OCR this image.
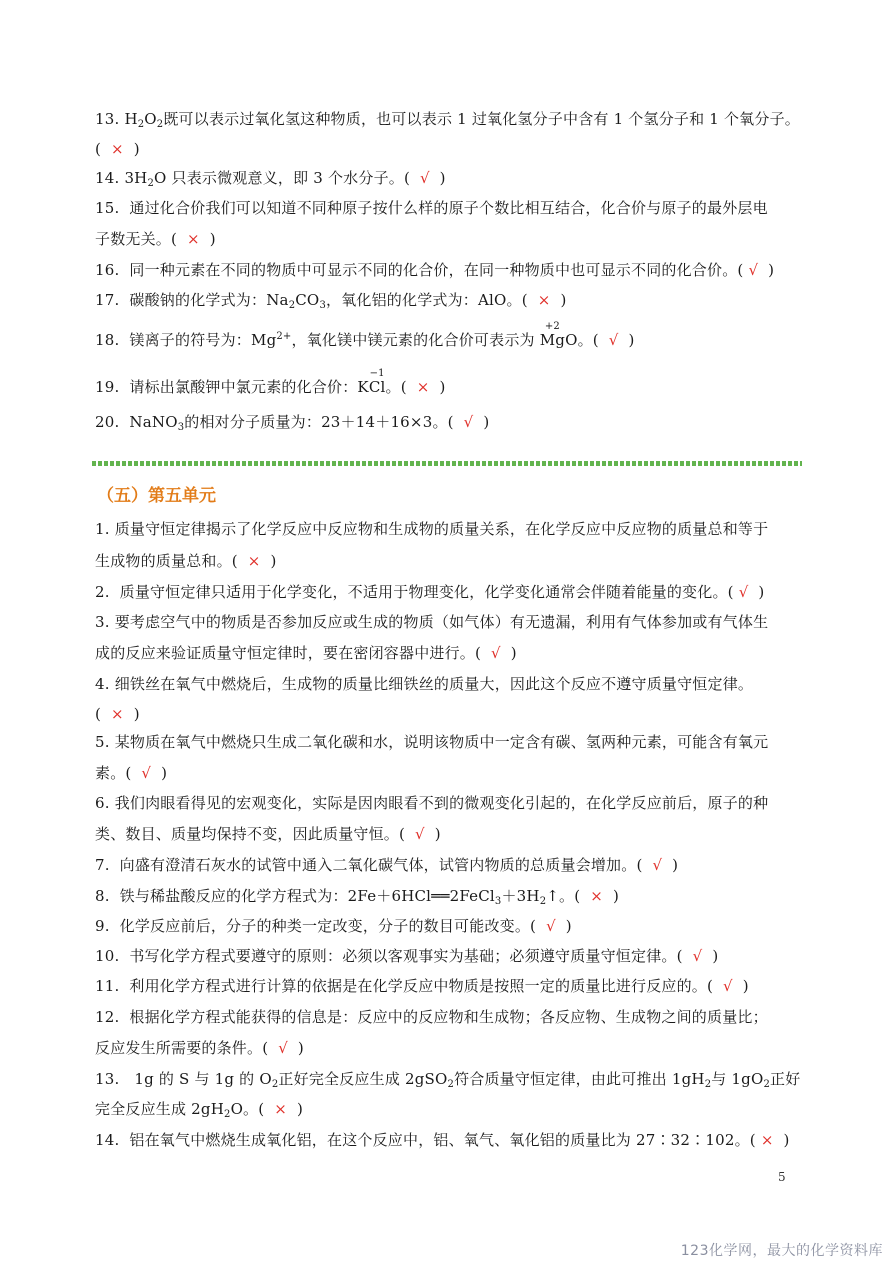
13. $H_2O_2$既可以表示过氧化氢这种物质，也可以表示 1 过氧化氢分子中含有 1 个氢分子和 1 个氧分子。
( × )
14. $3H_2O$ 只表示微观意义，即 3 个水分子。( √ )
15. 通过化合价我们可以知道不同种原子按什么样的原子个数比相互结合，化合价与原子的最外层电
子数无关。( × )
16. 同一种元素在不同的物质中可显示不同的化合价，在同一种物质中也可显示不同的化合价。( √ )
17. 碳酸钠的化学式为：$Na_2CO_3$，氧化铝的化学式为：AlO。( × )
18. 镁离子的符号为：$Mg^{2+}$，氧化镁中镁元素的化合价可表示为
+2
MgO。( √ )
19. 请标出氯酸钾中氯元素的化合价：K
−1
Cl。( × )
20. NaNO$_3$的相对分子质量为：23＋14＋16×3。( √ )
（五）第五单元
1. 质量守恒定律揭示了化学反应中反应物和生成物的质量关系，在化学反应中反应物的质量总和等于
生成物的质量总和。( × )
2. 质量守恒定律只适用于化学变化，不适用于物理变化，化学变化通常会伴随着能量的变化。( √ )
3. 要考虑空气中的物质是否参加反应或生成的物质（如气体）有无遗漏，利用有气体参加或有气体生
成的反应来验证质量守恒定律时，要在密闭容器中进行。( √ )
4. 细铁丝在氧气中燃烧后，生成物的质量比细铁丝的质量大，因此这个反应不遵守质量守恒定律。
( × )
5. 某物质在氧气中燃烧只生成二氧化碳和水，说明该物质中一定含有碳、氢两种元素，可能含有氧元
素。( √ )
6. 我们肉眼看得见的宏观变化，实际是因肉眼看不到的微观变化引起的，在化学反应前后，原子的种
类、数目、质量均保持不变，因此质量守恒。( √ )
7. 向盛有澄清石灰水的试管中通入二氧化碳气体，试管内物质的总质量会增加。( √ )
8. 铁与稀盐酸反应的化学方程式为：$2Fe+6HCl══2FeCl_3+3H_2↑$。( × )
9. 化学反应前后，分子的种类一定改变，分子的数目可能改变。( √ )
10. 书写化学方程式要遵守的原则：必须以客观事实为基础；必须遵守质量守恒定律。( √ )
11. 利用化学方程式进行计算的依据是在化学反应中物质是按照一定的质量比进行反应的。( √ )
12. 根据化学方程式能获得的信息是：反应中的反应物和生成物；各反应物、生成物之间的质量比；
反应发生所需要的条件。( √ )
13. 1g 的 S 与 1g 的 $O_2$正好完全反应生成 2gSO$_2$符合质量守恒定律，由此可推出 $1gH_2$与 $1gO_2$正好
完全反应生成 $2gH_2O$。( × )
14. 铝在氧气中燃烧生成氧化铝，在这个反应中，铝、氧气、氧化铝的质量比为 27∶32∶102。( × )
5
123化学网，最大的化学资料库
